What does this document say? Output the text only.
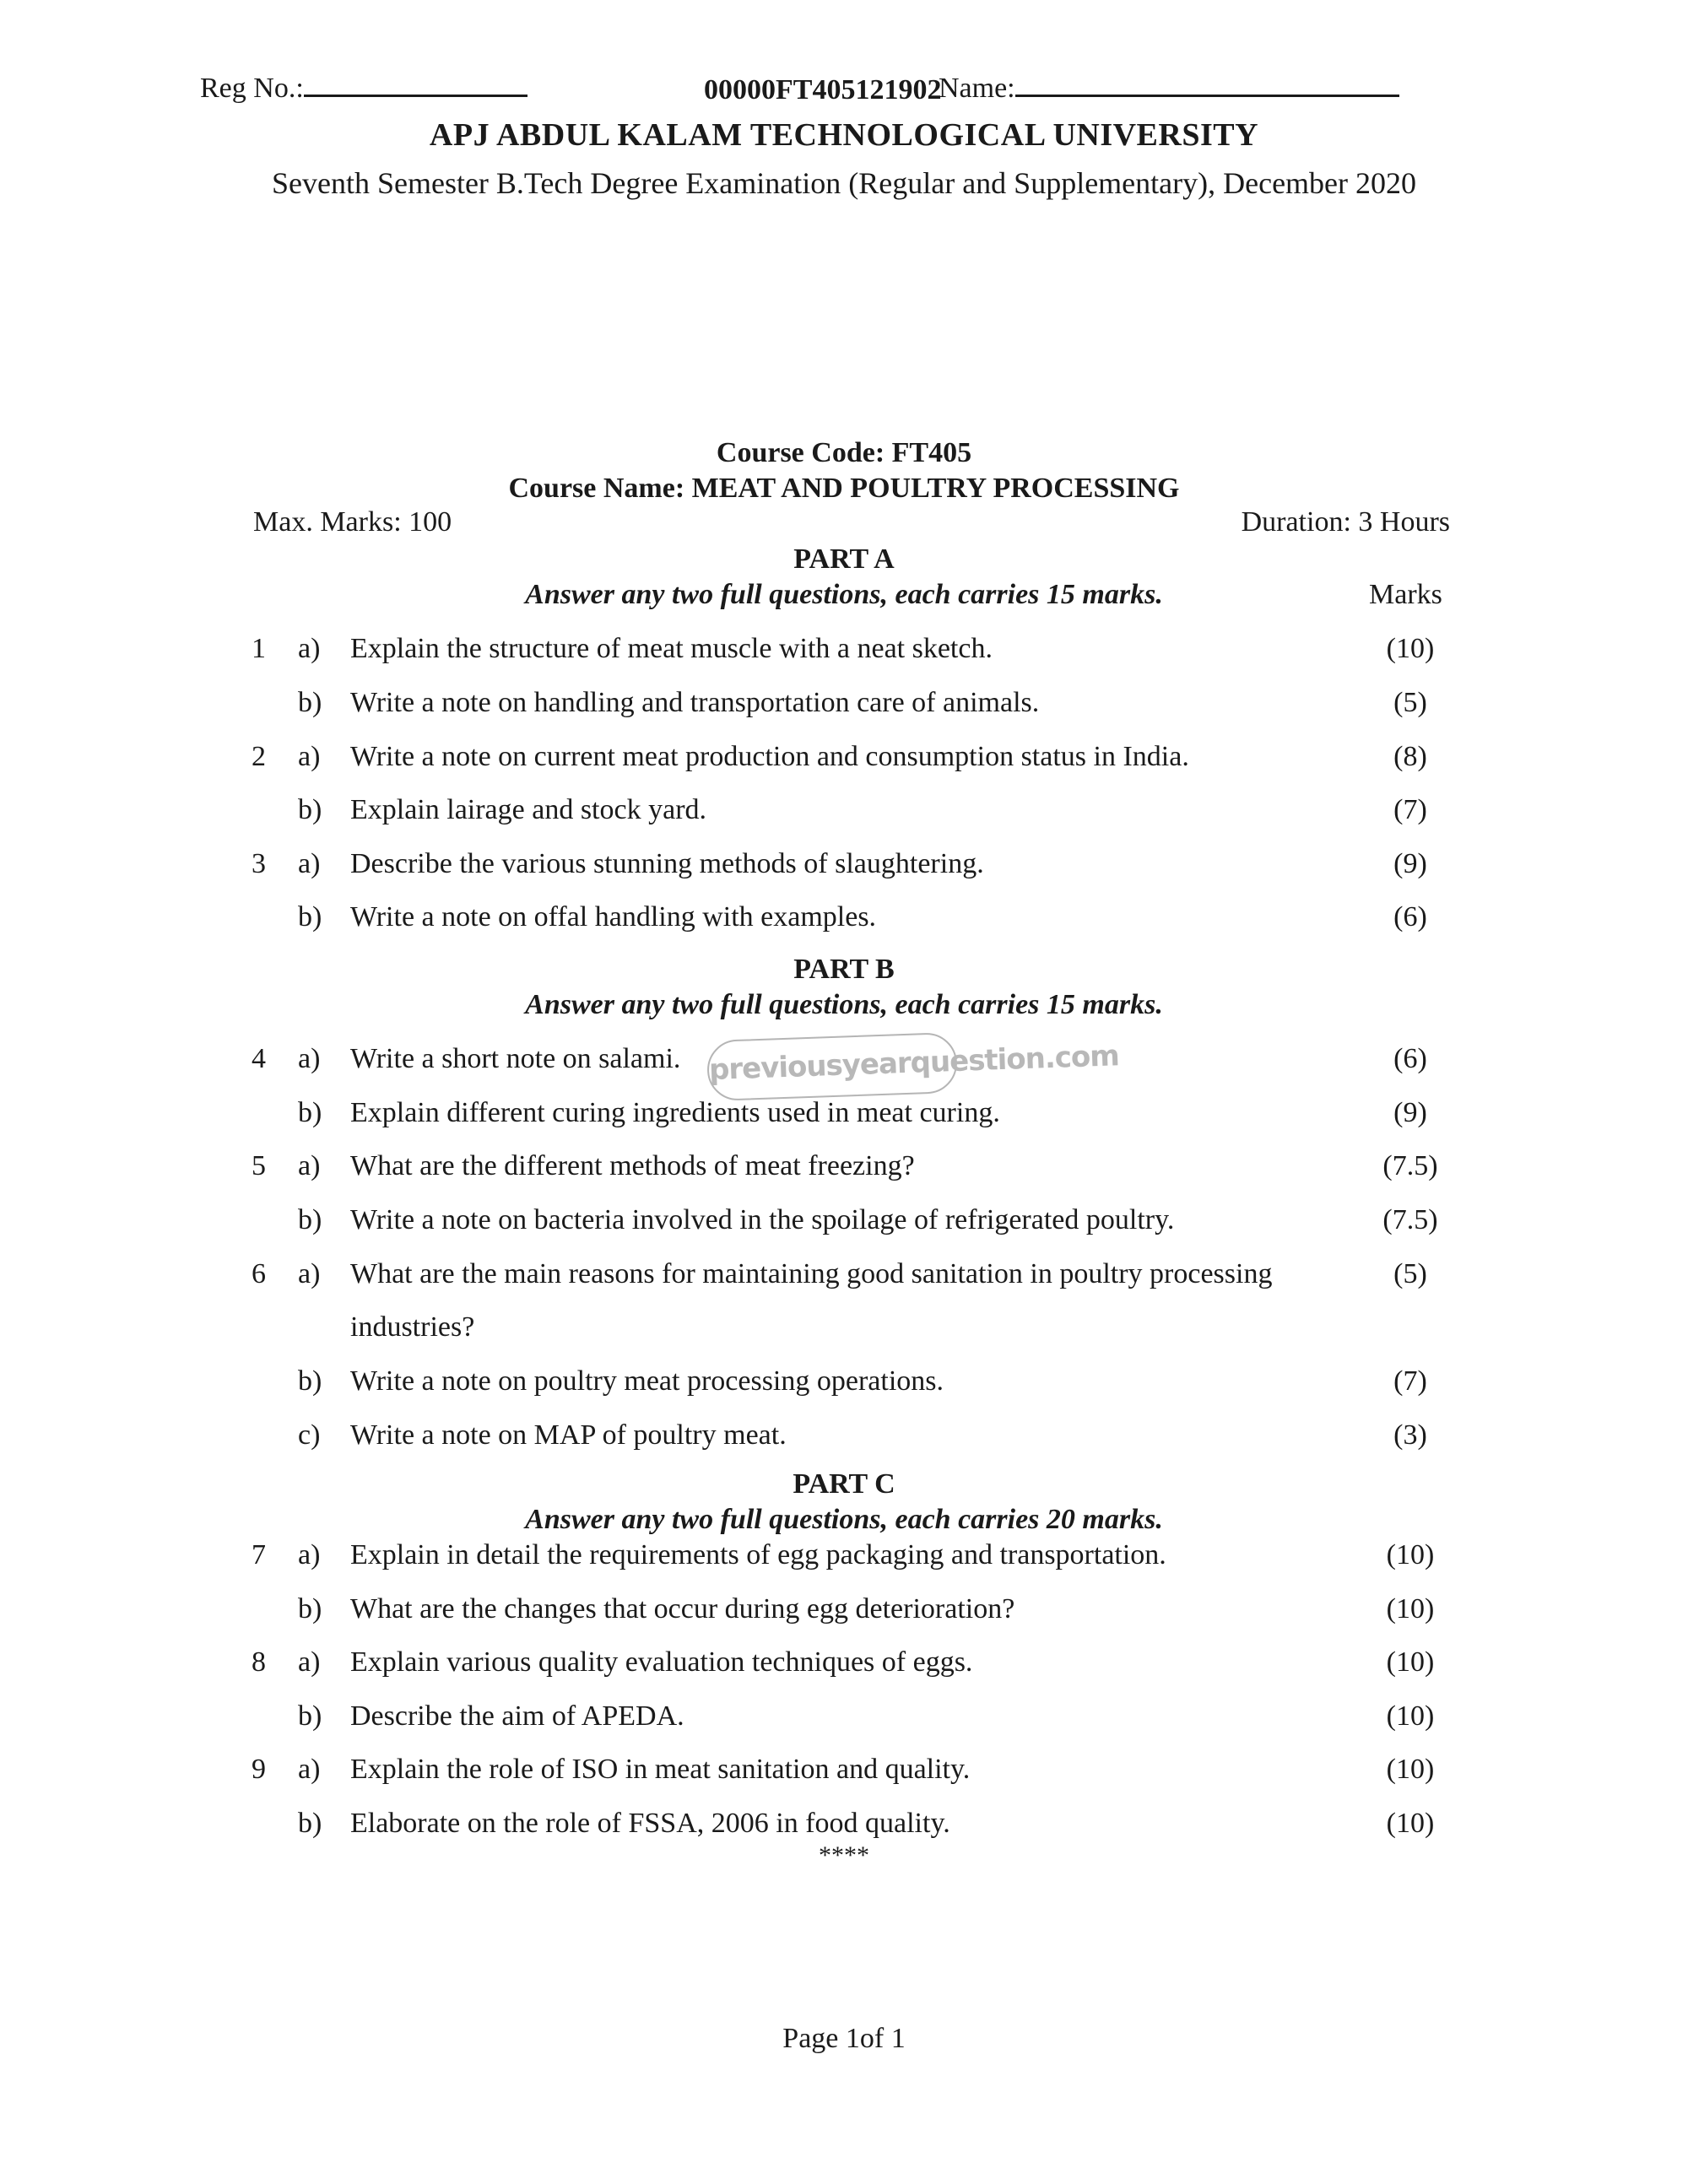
Reg No.:	00000FT405121902
Name:
APJ ABDUL KALAM TECHNOLOGICAL UNIVERSITY
Seventh Semester B.Tech Degree Examination (Regular and Supplementary), December 2020
Course Code: FT405
Course Name: MEAT AND POULTRY PROCESSING
Max. Marks: 100	Duration: 3 Hours
PART A
Answer any two full questions, each carries 15 marks.	Marks
PART B
Answer any two full questions, each carries 15 marks.
PART C
Answer any two full questions, each carries 20 marks.
1 a)	Explain the structure of meat muscle with a neat sketch.	(10)
b) Write a note on handling and transportation care of animals.	(5)
2 a)	Write a note on current meat production and consumption status in India.	(8)
b) Explain lairage and stock yard.	(7)
3 a)	Describe the various stunning methods of slaughtering.	(9)
b) Write a note on offal handling with examples.	(6)
4 a)	Write a short note on salami.	(6)
b) Explain different curing ingredients used in meat curing.	(9)
5 a)	What are the different methods of meat freezing?	(7.5)
b) Write a note on bacteria involved in the spoilage of refrigerated poultry.	(7.5)
6 a)	What are the main reasons for maintaining good sanitation in poultry processing	(5)
industries?
b) Write a note on poultry meat processing operations.	(7)
c)	Write a note on MAP of poultry meat.	(3)
7 a)	Explain in detail the requirements of egg packaging and transportation.	(10)
b) What are the changes that occur during egg deterioration?	(10)
8 a)	Explain various quality evaluation techniques of eggs.	(10)
b) Describe the aim of APEDA.	(10)
9 a)	Explain the role of ISO in meat sanitation and quality.	(10)
b) Elaborate on the role of FSSA, 2006 in food quality.	(10)
previousyearquestion.com
****
Page 1of 1
